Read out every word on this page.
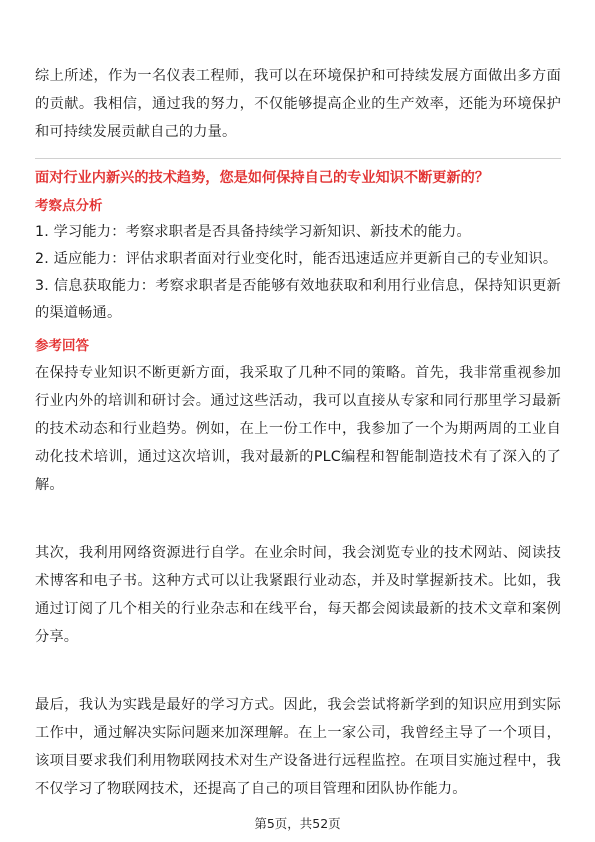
综上所述，作为一名仪表工程师，我可以在环境保护和可持续发展方面做出多方面的贡献。我相信，通过我的努力，不仅能够提高企业的生产效率，还能为环境保护和可持续发展贡献自己的力量。

面对行业内新兴的技术趋势，您是如何保持自己的专业知识不断更新的？
考察点分析

1. 学习能力：考察求职者是否具备持续学习新知识、新技术的能力。

2. 适应能力：评估求职者面对行业变化时，能否迅速适应并更新自己的专业知识。

3. 信息获取能力：考察求职者是否能够有效地获取和利用行业信息，保持知识更新的渠道畅通。

参考回答

在保持专业知识不断更新方面，我采取了几种不同的策略。首先，我非常重视参加行业内外的培训和研讨会。通过这些活动，我可以直接从专家和同行那里学习最新的技术动态和行业趋势。例如，在上一份工作中，我参加了一个为期两周的工业自动化技术培训，通过这次培训，我对最新的PLC编程和智能制造技术有了深入的了解。

其次，我利用网络资源进行自学。在业余时间，我会浏览专业的技术网站、阅读技术博客和电子书。这种方式可以让我紧跟行业动态，并及时掌握新技术。比如，我通过订阅了几个相关的行业杂志和在线平台，每天都会阅读最新的技术文章和案例分享。

最后，我认为实践是最好的学习方式。因此，我会尝试将新学到的知识应用到实际工作中，通过解决实际问题来加深理解。在上一家公司，我曾经主导了一个项目，该项目要求我们利用物联网技术对生产设备进行远程监控。在项目实施过程中，我不仅学习了物联网技术，还提高了自己的项目管理和团队协作能力。

第5页，共52页
